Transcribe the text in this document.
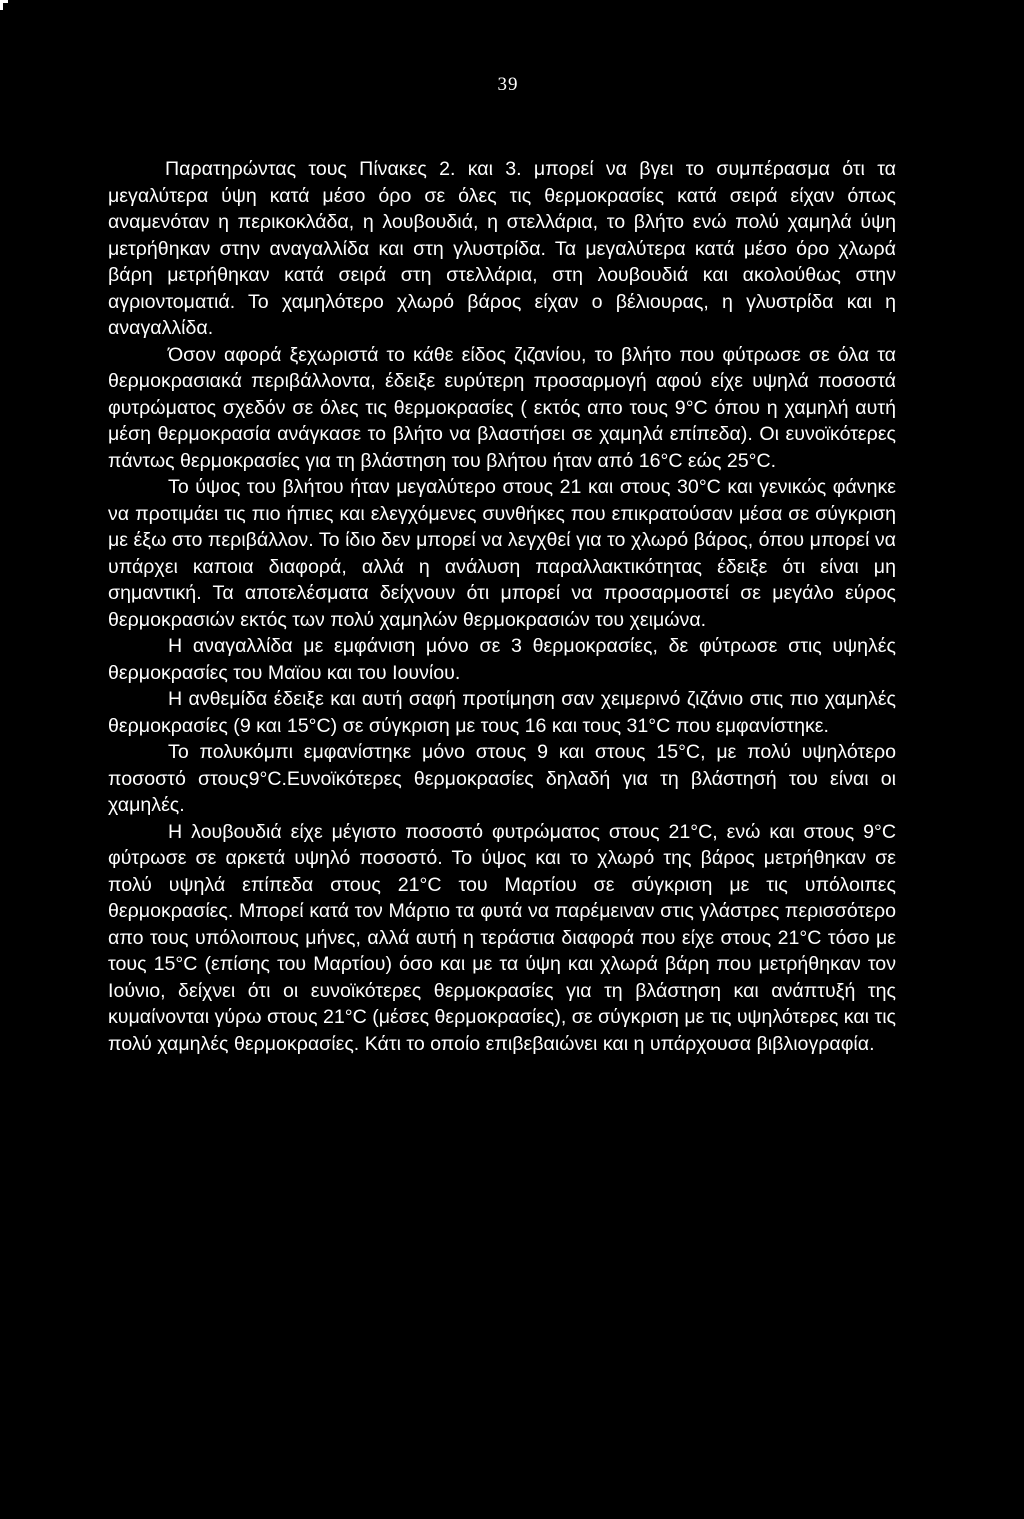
39

Παρατηρώντας τους Πίνακες 2. και 3. μπορεί να βγει το συμπέρασμα ότι τα μεγαλύτερα ύψη κατά μέσο όρο σε όλες τις θερμοκρασίες κατά σειρά είχαν όπως αναμενόταν η περικοκλάδα, η λουβουδιά, η στελλάρια, το βλήτο ενώ πολύ χαμηλά ύψη μετρήθηκαν στην αναγαλλίδα και στη γλυστρίδα. Τα μεγαλύτερα κατά μέσο όρο χλωρά βάρη μετρήθηκαν κατά σειρά στη στελλάρια, στη λουβουδιά και ακολούθως στην αγριοντοματιά. Το χαμηλότερο χλωρό βάρος είχαν ο βέλιουρας, η γλυστρίδα και η αναγαλλίδα.

Όσον αφορά ξεχωριστά το κάθε είδος ζιζανίου, το βλήτο που φύτρωσε σε όλα τα θερμοκρασιακά περιβάλλοντα, έδειξε ευρύτερη προσαρμογή αφού είχε υψηλά ποσοστά φυτρώματος σχεδόν σε όλες τις θερμοκρασίες ( εκτός απο τους 9°C όπου η χαμηλή αυτή μέση θερμοκρασία ανάγκασε το βλήτο να βλαστήσει σε χαμηλά επίπεδα). Οι ευνοϊκότερες πάντως θερμοκρασίες για τη βλάστηση του βλήτου ήταν από 16°C εώς 25°C.

Το ύψος του βλήτου ήταν μεγαλύτερο στους 21 και στους 30°C και γενικώς φάνηκε να προτιμάει τις πιο ήπιες και ελεγχόμενες συνθήκες που επικρατούσαν μέσα σε σύγκριση με έξω στο περιβάλλον. Το ίδιο δεν μπορεί να λεγχθεί για το χλωρό βάρος, όπου μπορεί να υπάρχει καποια διαφορά, αλλά η ανάλυση παραλλακτικότητας έδειξε ότι είναι μη σημαντική. Τα αποτελέσματα δείχνουν ότι μπορεί να προσαρμοστεί σε μεγάλο εύρος θερμοκρασιών εκτός των πολύ χαμηλών θερμοκρασιών του χειμώνα.

Η αναγαλλίδα με εμφάνιση μόνο σε 3 θερμοκρασίες, δε φύτρωσε στις υψηλές θερμοκρασίες του Μαϊου και του Ιουνίου.

Η ανθεμίδα έδειξε και αυτή σαφή προτίμηση σαν χειμερινό ζιζάνιο στις πιο χαμηλές θερμοκρασίες (9 και 15°C) σε σύγκριση με τους 16 και τους 31°C που εμφανίστηκε.

Το πολυκόμπι εμφανίστηκε μόνο στους 9 και στους 15°C, με πολύ υψηλότερο ποσοστό στους9°C.Ευνοϊκότερες θερμοκρασίες δηλαδή για τη βλάστησή του είναι οι χαμηλές.

Η λουβουδιά είχε μέγιστο ποσοστό φυτρώματος στους 21°C, ενώ και στους 9°C φύτρωσε σε αρκετά υψηλό ποσοστό. Το ύψος και το χλωρό της βάρος μετρήθηκαν σε πολύ υψηλά επίπεδα στους 21°C του Μαρτίου σε σύγκριση με τις υπόλοιπες θερμοκρασίες. Μπορεί κατά τον Μάρτιο τα φυτά να παρέμειναν στις γλάστρες περισσότερο απο τους υπόλοιπους μήνες, αλλά αυτή η τεράστια διαφορά που είχε στους 21°C τόσο με τους 15°C (επίσης του Μαρτίου) όσο και με τα ύψη και χλωρά βάρη που μετρήθηκαν τον Ιούνιο, δείχνει ότι οι ευνοϊκότερες θερμοκρασίες για τη βλάστηση και ανάπτυξή της κυμαίνονται γύρω στους 21°C (μέσες θερμοκρασίες), σε σύγκριση με τις υψηλότερες και τις πολύ χαμηλές θερμοκρασίες. Κάτι το οποίο επιβεβαιώνει και η υπάρχουσα βιβλιογραφία.
